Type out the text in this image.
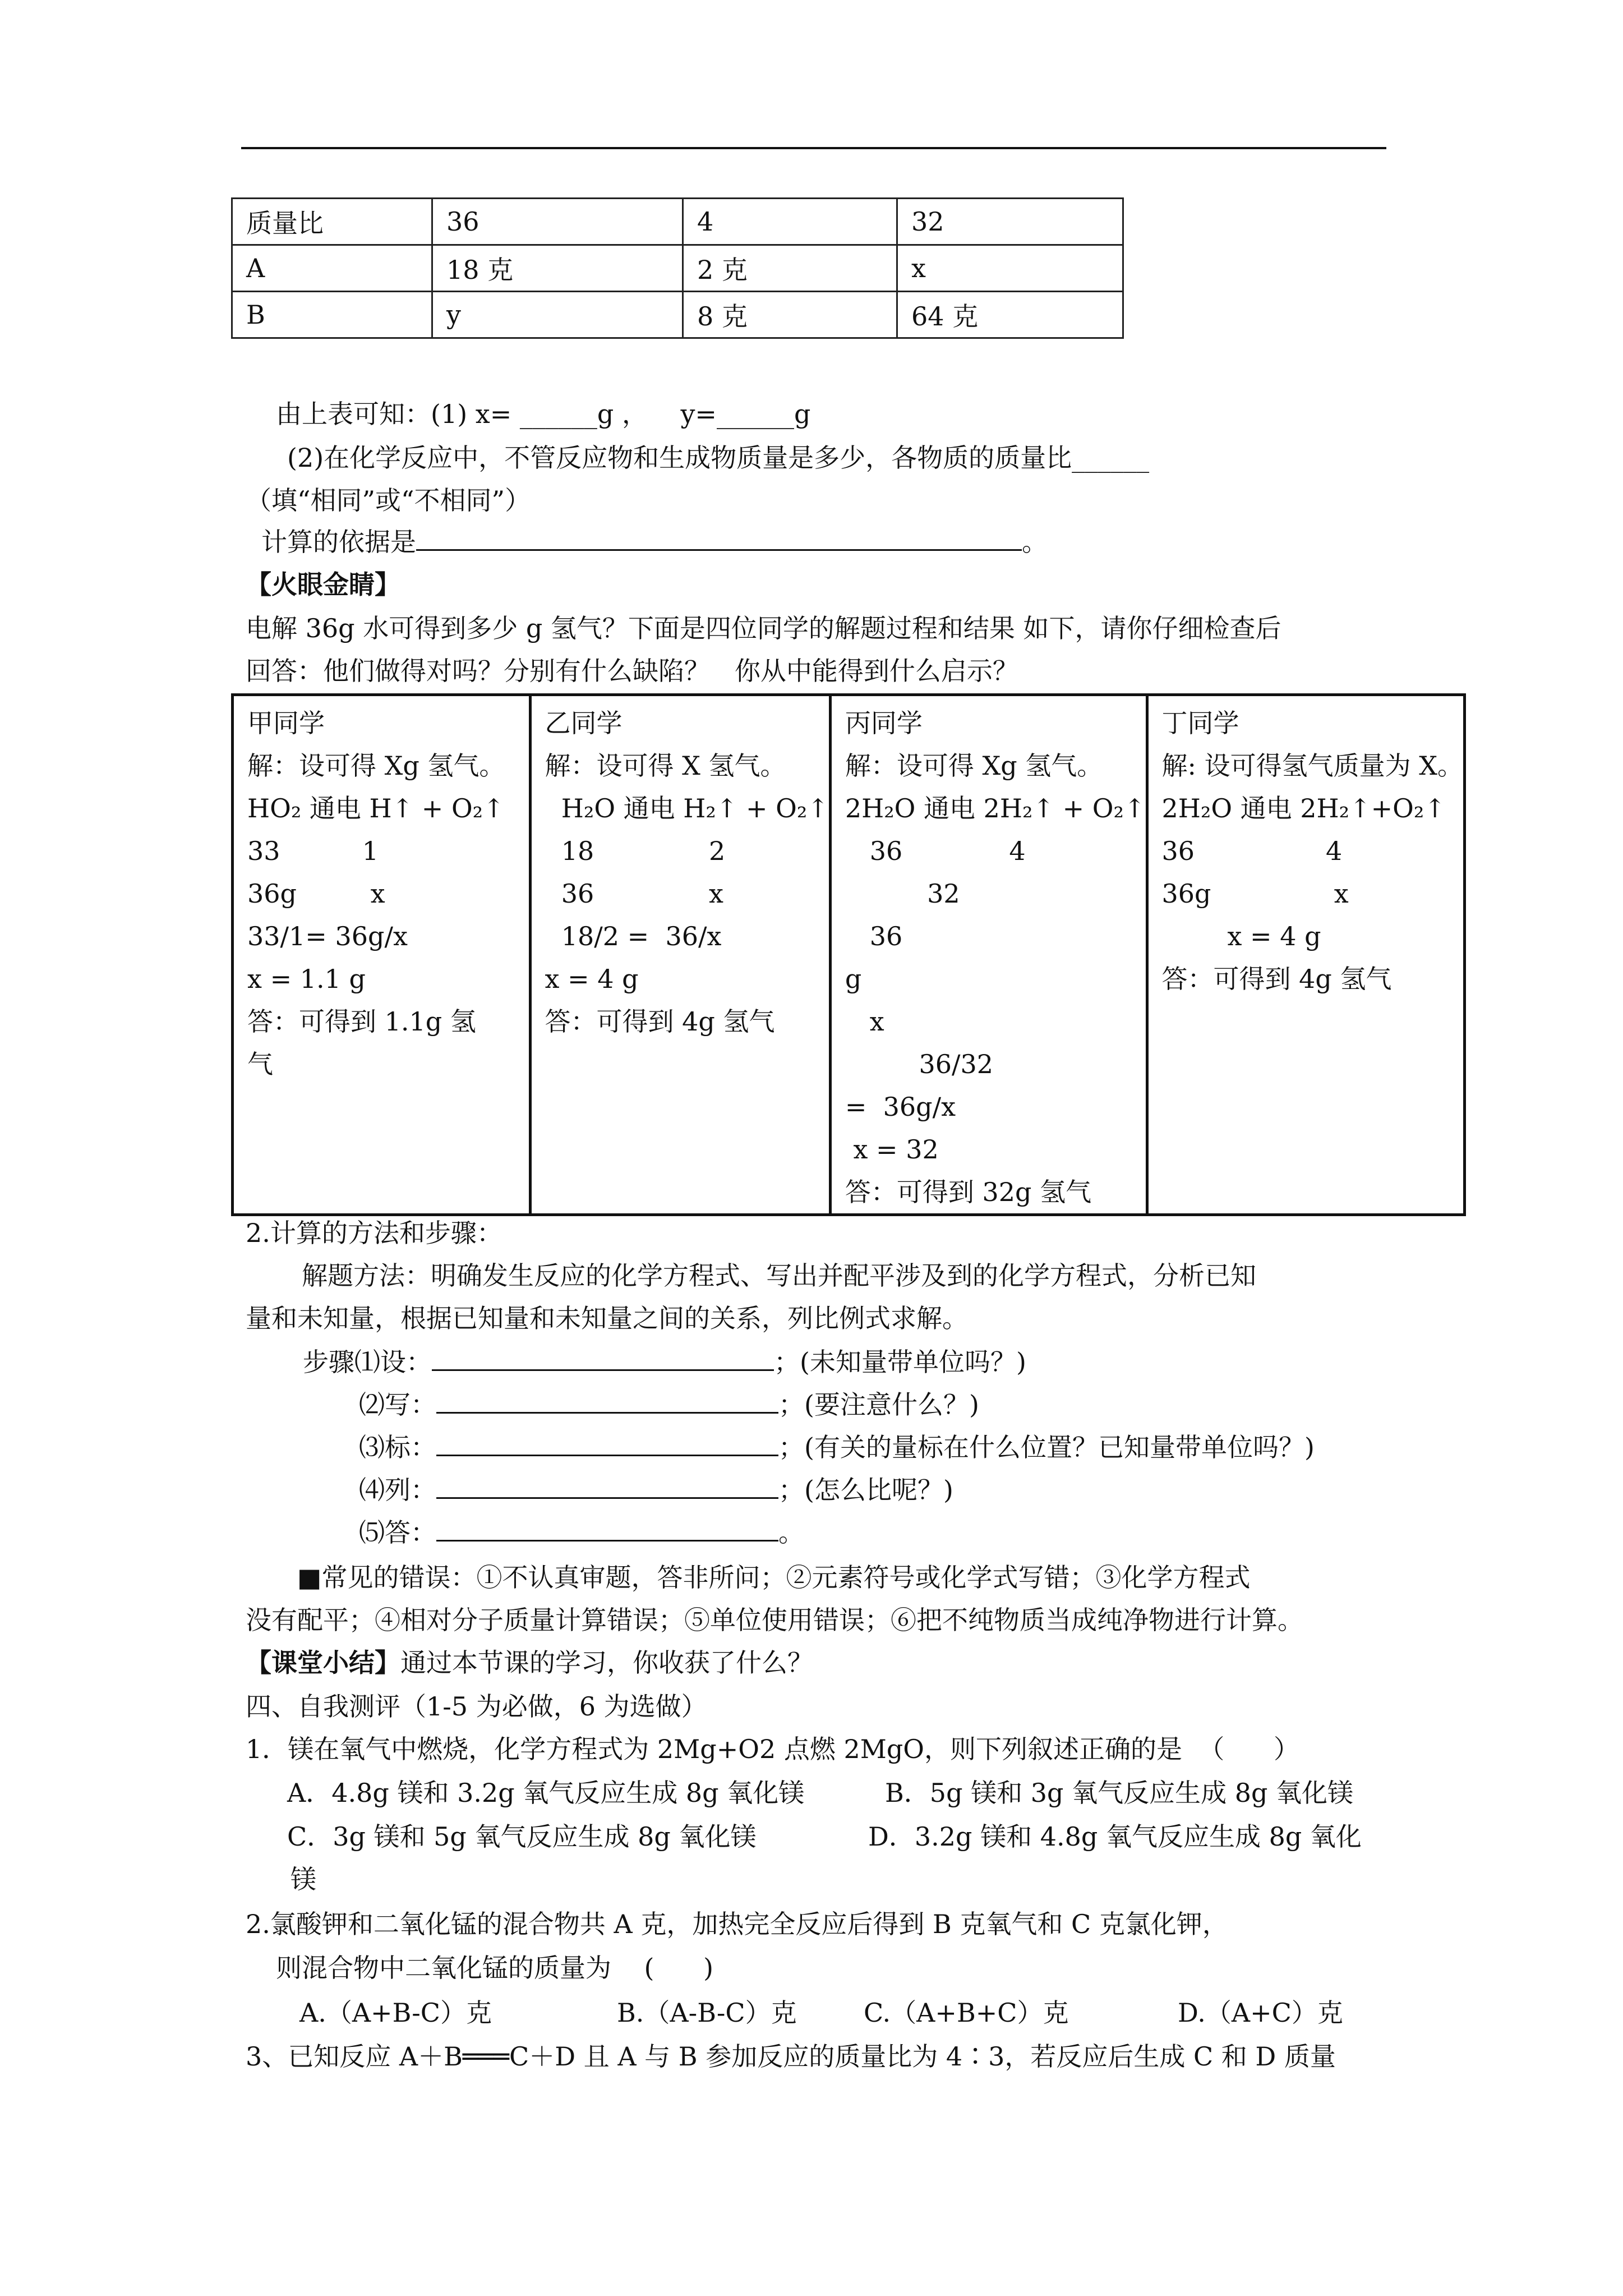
质量比	36	4	32
A	18 克	2 克	x
B	y	8 克	64 克
由上表可知：(1) x= ______g ，    y=______g
(2)在化学反应中，不管反应物和生成物质量是多少，各物质的质量比______
（填“相同”或“不相同”）
计算的依据是	。
【火眼金睛】
电解 36g 水可得到多少 g 氢气？下面是四位同学的解题过程和结果 如下，请你仔细检查后
回答：他们做得对吗？分别有什么缺陷？   你从中能得到什么启示？
甲同学
解：设可得 Xg 氢气。
HO₂ 通电 H↑ + O₂↑
33          1
36g         x
33/1= 36g/x
x = 1.1 g
答：可得到 1.1g 氢
气

乙同学
解：设可得 X 氢气。
H₂O 通电 H₂↑ + O₂↑
18              2
36              x
18/2 =  36/x
x = 4 g
答：可得到 4g 氢气

丙同学
解：设可得 Xg 氢气。
2H₂O 通电 2H₂↑ + O₂↑
36             4
32
36
g
x
36/32
=  36g/x
x = 32
答：可得到 32g 氢气

丁同学
解: 设可得氢气质量为 X。
2H₂O 通电 2H₂↑+O₂↑
36                4
36g               x
x = 4 g
答：可得到 4g 氢气
2.计算的方法和步骤：
解题方法：明确发生反应的化学方程式、写出并配平涉及到的化学方程式，分析已知
量和未知量，根据已知量和未知量之间的关系，列比例式求解。
步骤⑴设：	；(未知量带单位吗？)
⑵写：	；(要注意什么？)
⑶标：	；(有关的量标在什么位置？已知量带单位吗？)
⑷列：	；(怎么比呢？)
⑸答：	。
■常见的错误：①不认真审题，答非所问；②元素符号或化学式写错；③化学方程式
没有配平；④相对分子质量计算错误；⑤单位使用错误；⑥把不纯物质当成纯净物进行计算。
【课堂小结】通过本节课的学习，你收获了什么？
四、自我测评（1-5 为必做，6 为选做）
1．镁在氧气中燃烧，化学方程式为 2Mg+O2 点燃 2MgO，则下列叙述正确的是  （      ）
A．4.8g 镁和 3.2g 氧气反应生成 8g 氧化镁	B．5g 镁和 3g 氧气反应生成 8g 氧化镁
C．3g 镁和 5g 氧气反应生成 8g 氧化镁	D．3.2g 镁和 4.8g 氧气反应生成 8g 氧化
镁
2.氯酸钾和二氧化锰的混合物共 A 克，加热完全反应后得到 B 克氧气和 C 克氯化钾，
则混合物中二氧化锰的质量为    (      )
A.（A+B-C）克	B.（A-B-C）克	C.（A+B+C）克	D.（A+C）克
3、已知反应 A＋B═══C＋D 且 A 与 B 参加反应的质量比为 4∶3，若反应后生成 C 和 D 质量
